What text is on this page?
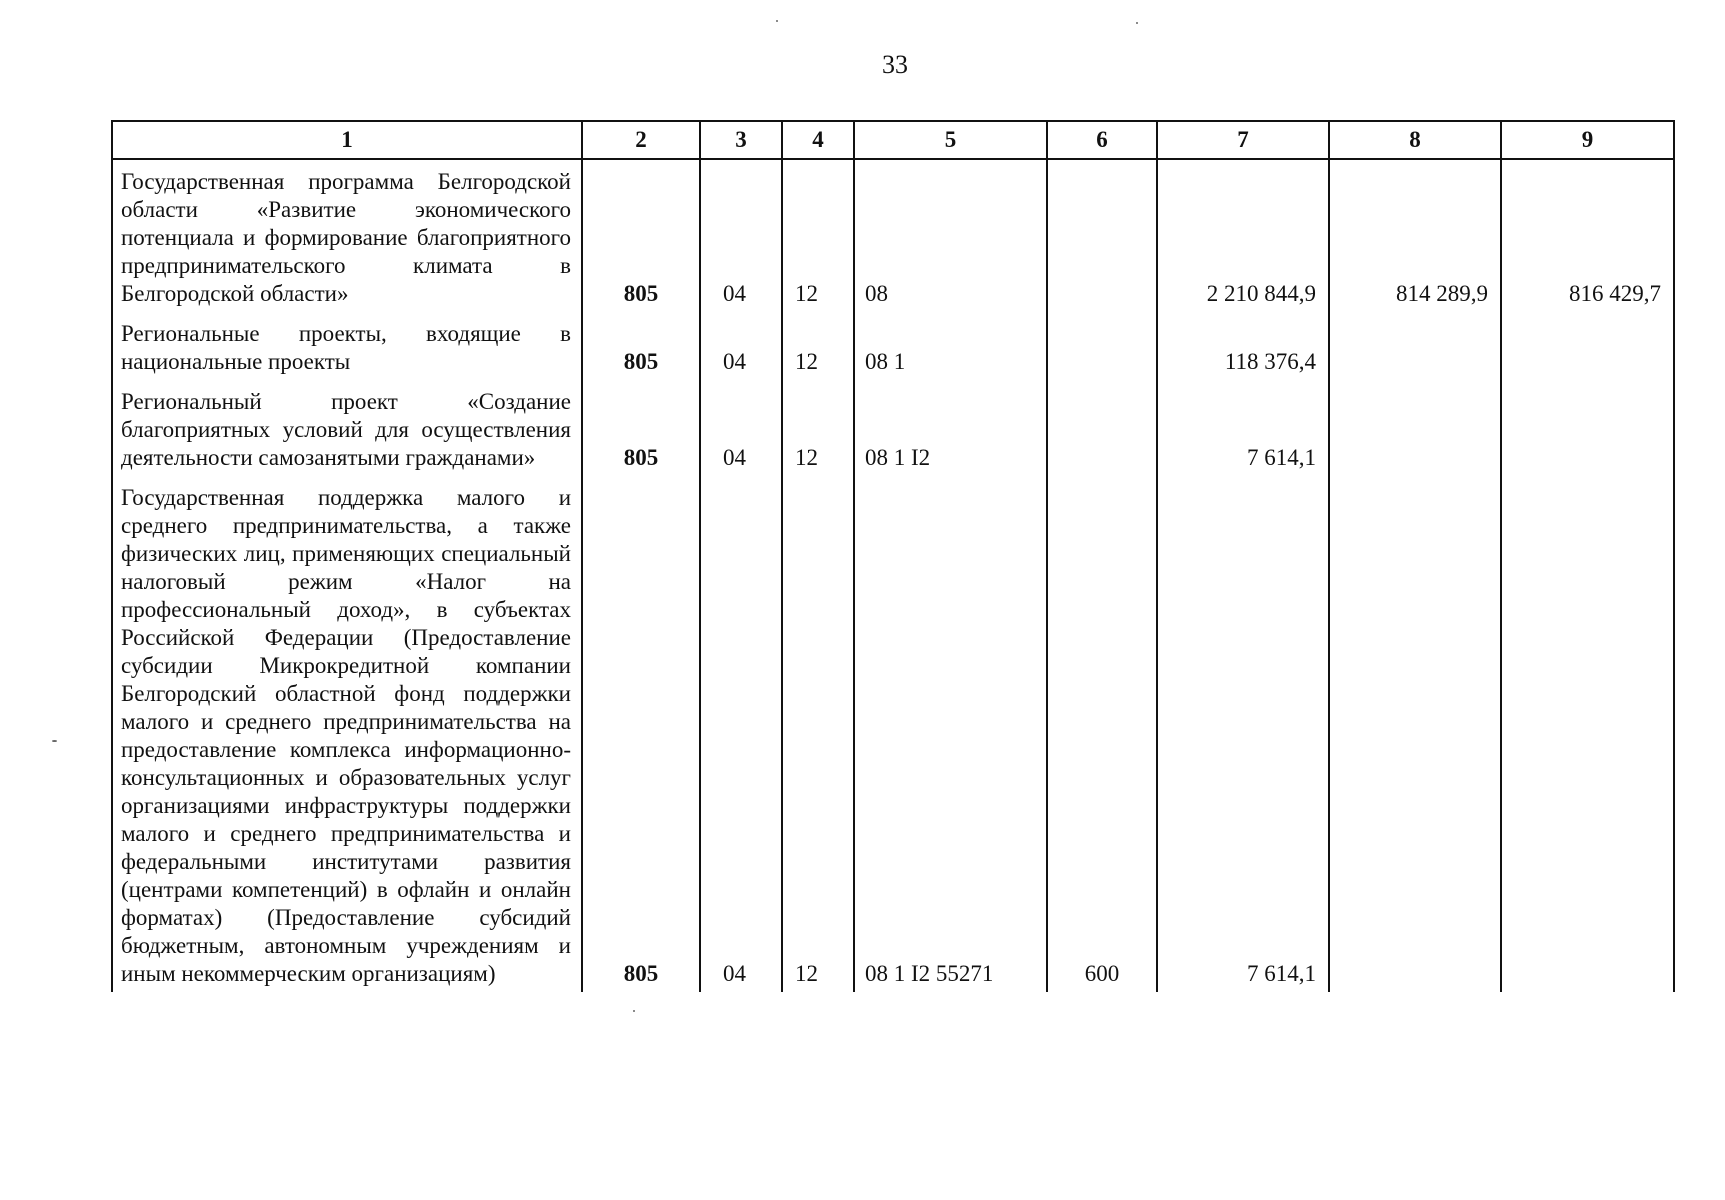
33
1	2	3	4	5	6	7	8	9
Государственная программа Белгородской области «Развитие экономического потенциала и формирование благоприятного предпринимательского климата в Белгородской области»	805	04	12	08		2 210 844,9	814 289,9	816 429,7
Региональные проекты, входящие в национальные проекты	805	04	12	08 1		118 376,4		
Региональный проект «Создание благоприятных условий для осуществления деятельности самозанятыми гражданами»	805	04	12	08 1 I2		7 614,1		
Государственная поддержка малого и среднего предпринимательства, а также физических лиц, применяющих специальный налоговый режим «Налог на профессиональный доход», в субъектах Российской Федерации (Предоставление субсидии Микрокредитной компании Белгородский областной фонд поддержки малого и среднего предпринимательства на предоставление комплекса информационно-консультационных и образовательных услуг организациями инфраструктуры поддержки малого и среднего предпринимательства и федеральными институтами развития (центрами компетенций) в офлайн и онлайн форматах) (Предоставление субсидий бюджетным, автономным учреждениям и иным некоммерческим организациям)	805	04	12	08 1 I2 55271	600	7 614,1		
